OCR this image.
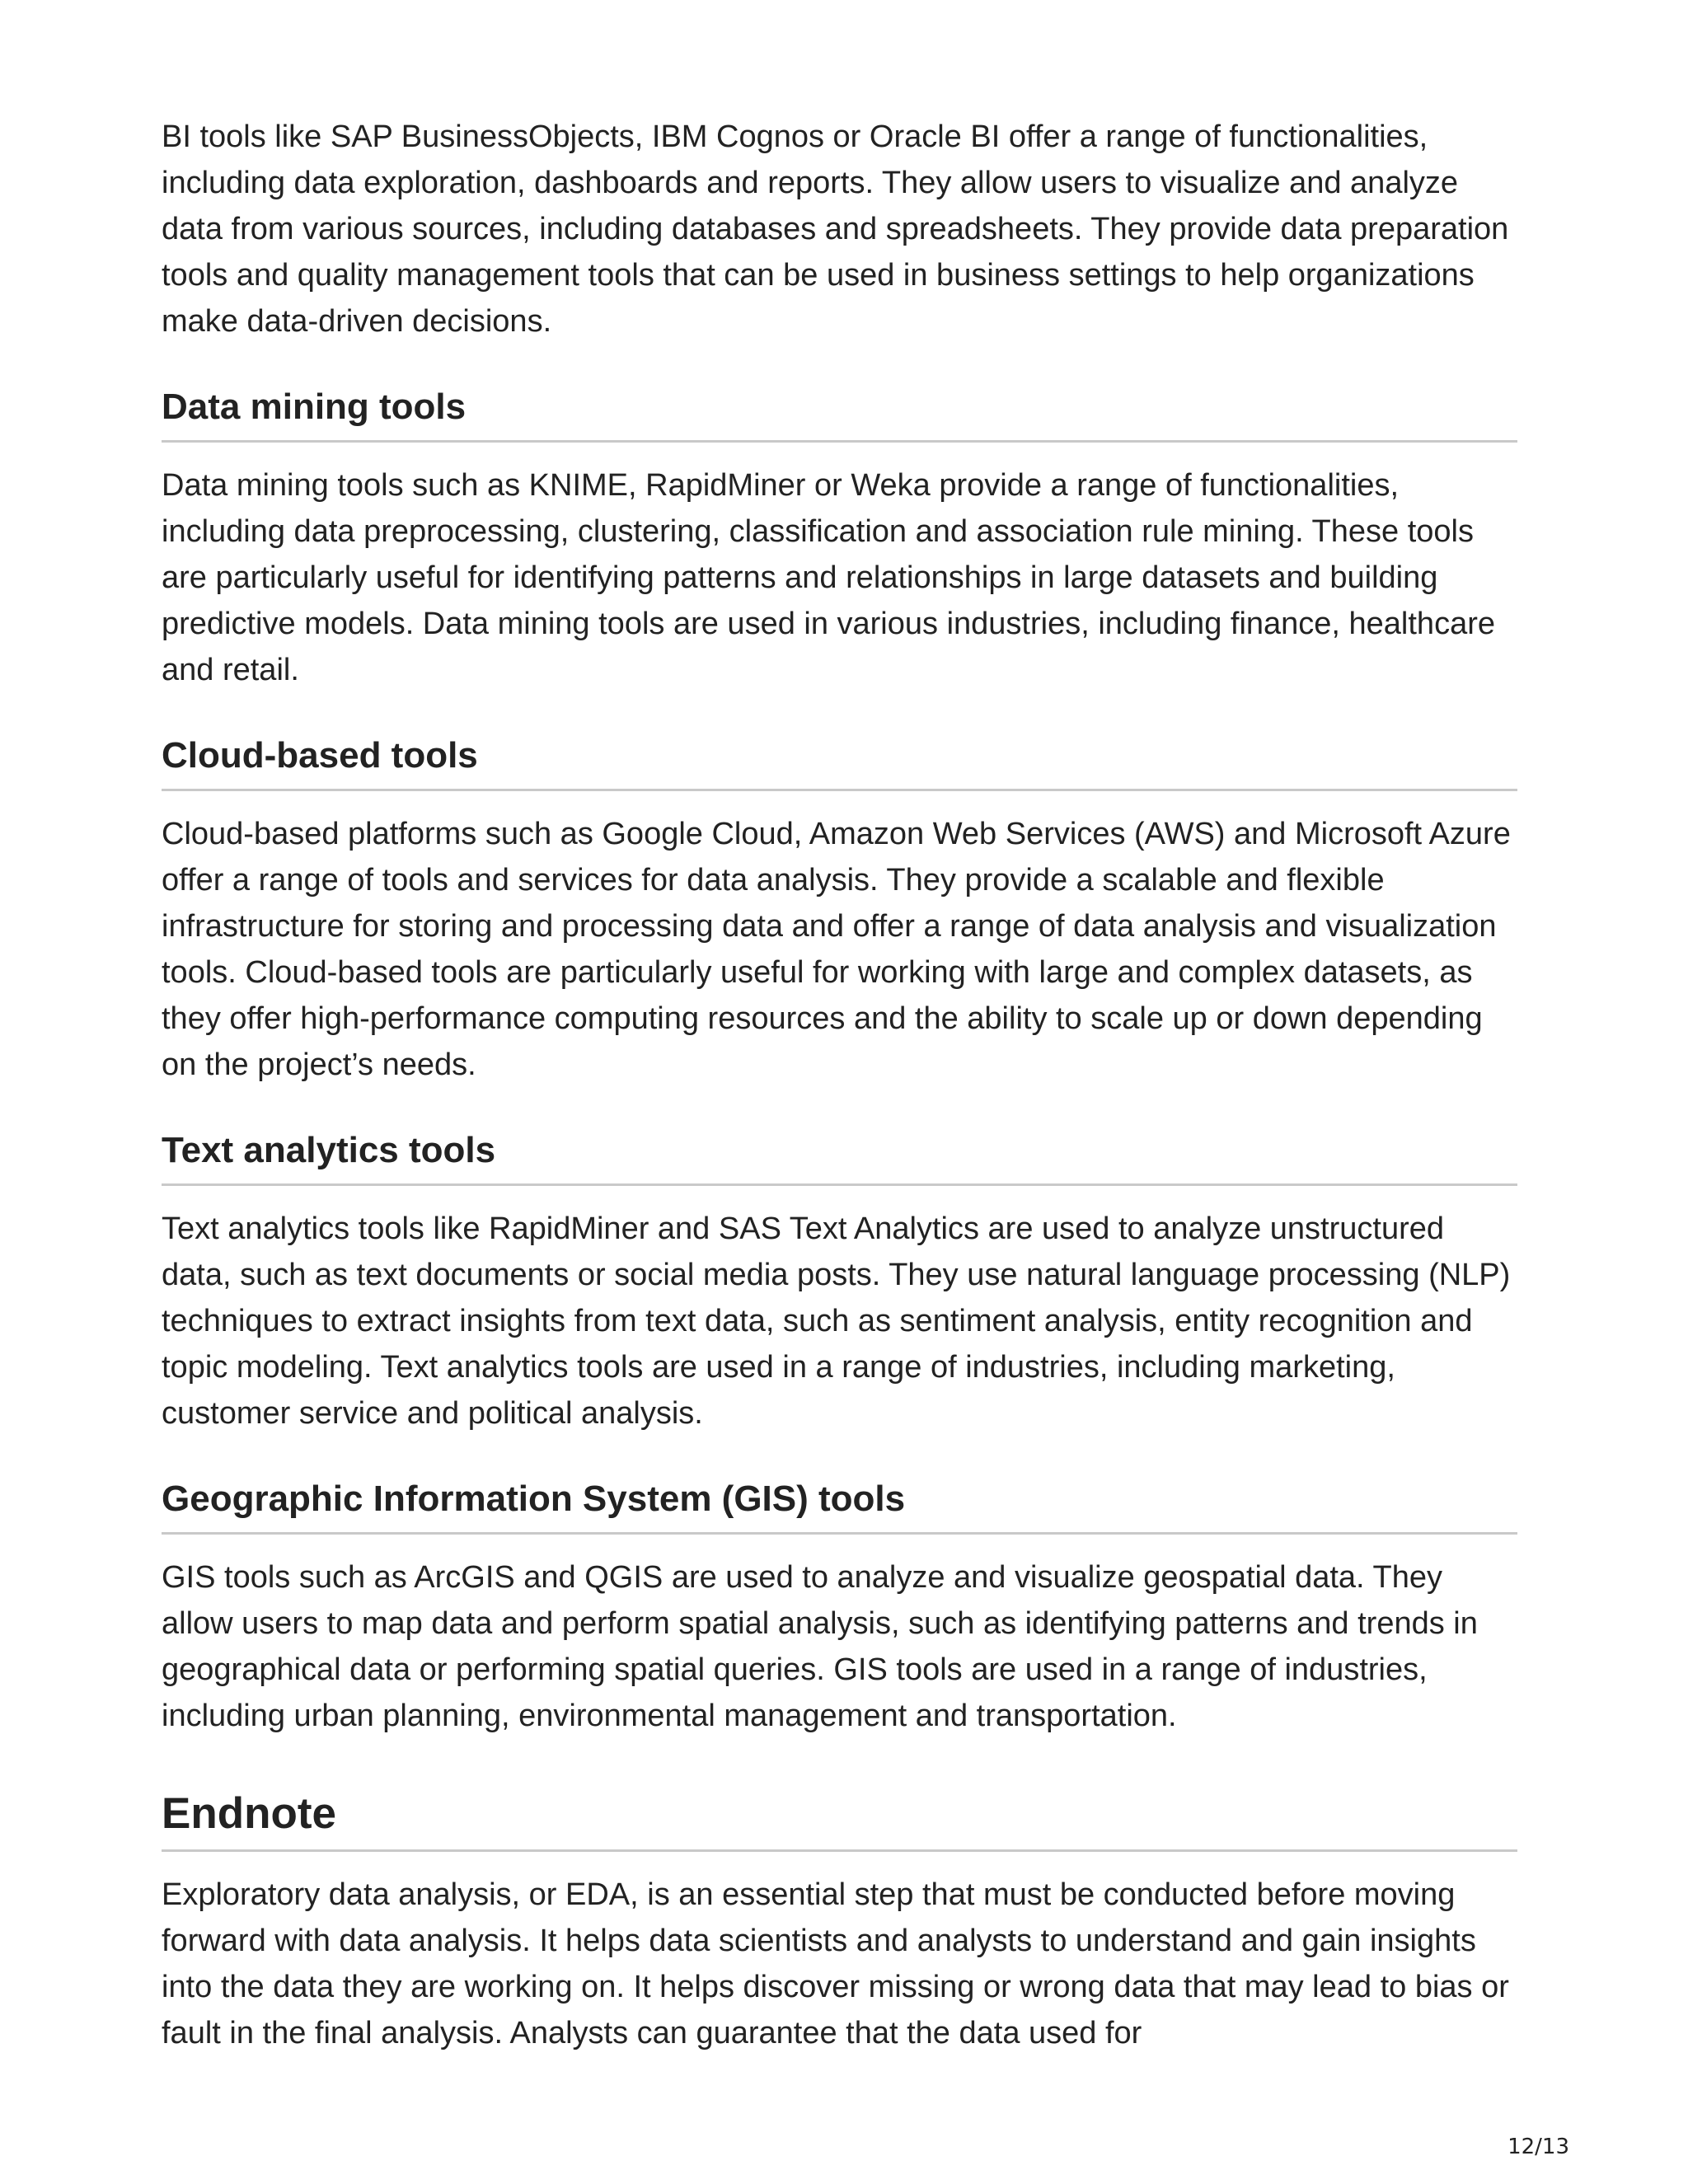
BI tools like SAP BusinessObjects, IBM Cognos or Oracle BI offer a range of functionalities, including data exploration, dashboards and reports. They allow users to visualize and analyze data from various sources, including databases and spreadsheets. They provide data preparation tools and quality management tools that can be used in business settings to help organizations make data-driven decisions.

Data mining tools

Data mining tools such as KNIME, RapidMiner or Weka provide a range of functionalities, including data preprocessing, clustering, classification and association rule mining. These tools are particularly useful for identifying patterns and relationships in large datasets and building predictive models. Data mining tools are used in various industries, including finance, healthcare and retail.

Cloud-based tools

Cloud-based platforms such as Google Cloud, Amazon Web Services (AWS) and Microsoft Azure offer a range of tools and services for data analysis. They provide a scalable and flexible infrastructure for storing and processing data and offer a range of data analysis and visualization tools. Cloud-based tools are particularly useful for working with large and complex datasets, as they offer high-performance computing resources and the ability to scale up or down depending on the project’s needs.

Text analytics tools

Text analytics tools like RapidMiner and SAS Text Analytics are used to analyze unstructured data, such as text documents or social media posts. They use natural language processing (NLP) techniques to extract insights from text data, such as sentiment analysis, entity recognition and topic modeling. Text analytics tools are used in a range of industries, including marketing, customer service and political analysis.

Geographic Information System (GIS) tools

GIS tools such as ArcGIS and QGIS are used to analyze and visualize geospatial data. They allow users to map data and perform spatial analysis, such as identifying patterns and trends in geographical data or performing spatial queries. GIS tools are used in a range of industries, including urban planning, environmental management and transportation.

Endnote

Exploratory data analysis, or EDA, is an essential step that must be conducted before moving forward with data analysis. It helps data scientists and analysts to understand and gain insights into the data they are working on. It helps discover missing or wrong data that may lead to bias or fault in the final analysis. Analysts can guarantee that the data used for

12/13
